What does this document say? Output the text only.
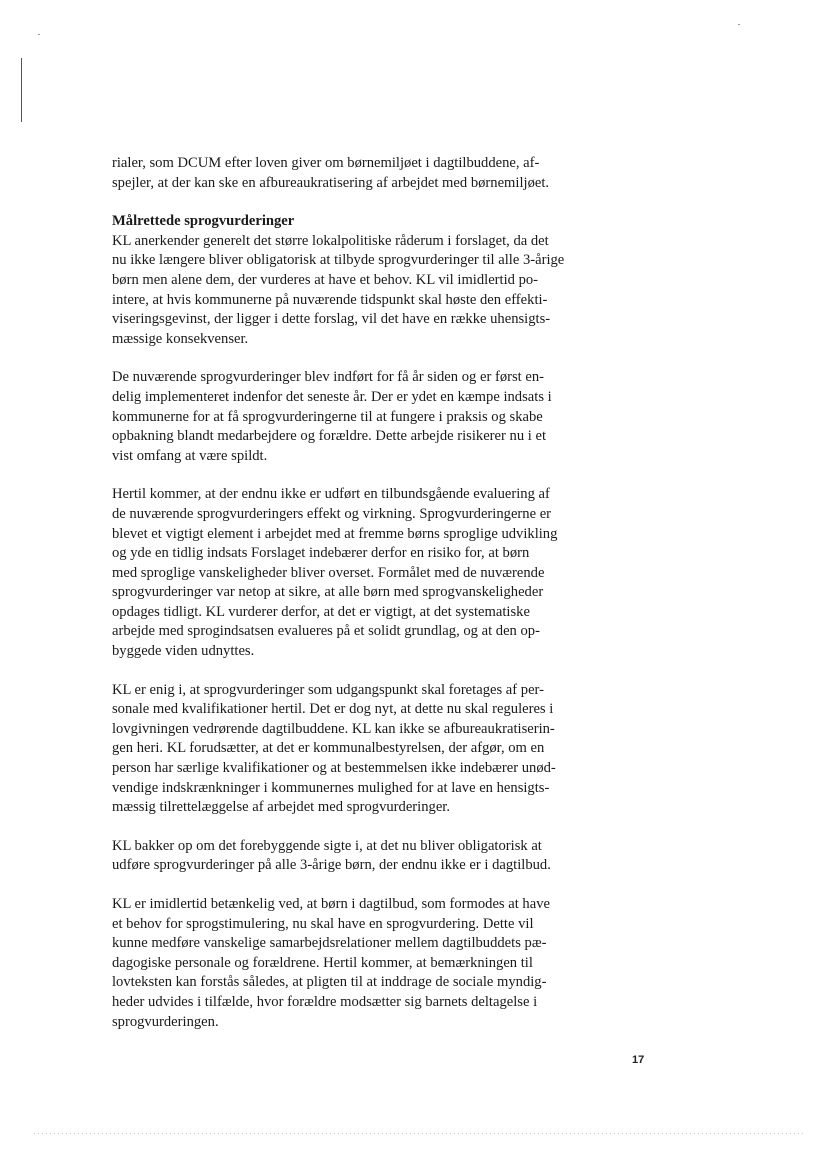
rialer, som DCUM efter loven giver om børnemiljøet i dagtilbuddene, af-
spejler, at der kan ske en afbureaukratisering af arbejdet med børnemiljøet.

Målrettede sprogvurderinger

KL anerkender generelt det større lokalpolitiske råderum i forslaget, da det
nu ikke længere bliver obligatorisk at tilbyde sprogvurderinger til alle 3-årige
børn men alene dem, der vurderes at have et behov. KL vil imidlertid po-
intere, at hvis kommunerne på nuværende tidspunkt skal høste den effekti-
viseringsgevinst, der ligger i dette forslag, vil det have en række uhensigts-
mæssige konsekvenser.

De nuværende sprogvurderinger blev indført for få år siden og er først en-
delig implementeret indenfor det seneste år. Der er ydet en kæmpe indsats i
kommunerne for at få sprogvurderingerne til at fungere i praksis og skabe
opbakning blandt medarbejdere og forældre. Dette arbejde risikerer nu i et
vist omfang at være spildt.

Hertil kommer, at der endnu ikke er udført en tilbundsgående evaluering af
de nuværende sprogvurderingers effekt og virkning. Sprogvurderingerne er
blevet et vigtigt element i arbejdet med at fremme børns sproglige udvikling
og yde en tidlig indsats Forslaget indebærer derfor en risiko for, at børn
med sproglige vanskeligheder bliver overset. Formålet med de nuværende
sprogvurderinger var netop at sikre, at alle børn med sprogvanskeligheder
opdages tidligt. KL vurderer derfor, at det er vigtigt, at det systematiske
arbejde med sprogindsatsen evalueres på et solidt grundlag, og at den op-
byggede viden udnyttes.

KL er enig i, at sprogvurderinger som udgangspunkt skal foretages af per-
sonale med kvalifikationer hertil. Det er dog nyt, at dette nu skal reguleres i
lovgivningen vedrørende dagtilbuddene. KL kan ikke se afbureaukratiserin-
gen heri. KL forudsætter, at det er kommunalbestyrelsen, der afgør, om en
person har særlige kvalifikationer og at bestemmelsen ikke indebærer unød-
vendige indskrænkninger i kommunernes mulighed for at lave en hensigts-
mæssig tilrettelæggelse af arbejdet med sprogvurderinger.

KL bakker op om det forebyggende sigte i, at det nu bliver obligatorisk at
udføre sprogvurderinger på alle 3-årige børn, der endnu ikke er i dagtilbud.

KL er imidlertid betænkelig ved, at børn i dagtilbud, som formodes at have
et behov for sprogstimulering, nu skal have en sprogvurdering. Dette vil
kunne medføre vanskelige samarbejdsrelationer mellem dagtilbuddets pæ-
dagogiske personale og forældrene. Hertil kommer, at bemærkningen til
lovteksten kan forstås således, at pligten til at inddrage de sociale myndig-
heder udvides i tilfælde, hvor forældre modsætter sig barnets deltagelse i
sprogvurderingen.

17
